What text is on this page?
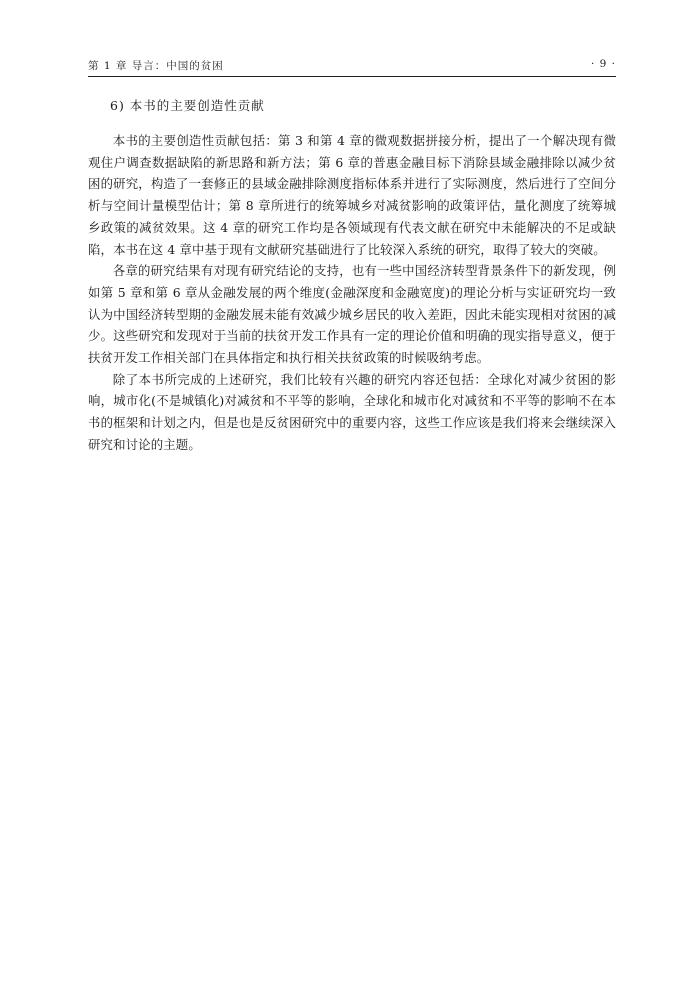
第 1 章 导言：中国的贫困	· 9 ·
6) 本书的主要创造性贡献

本书的主要创造性贡献包括：第 3 和第 4 章的微观数据拼接分析，提出了一个解决现有微观住户调查数据缺陷的新思路和新方法；第 6 章的普惠金融目标下消除县域金融排除以减少贫困的研究，构造了一套修正的县域金融排除测度指标体系并进行了实际测度，然后进行了空间分析与空间计量模型估计；第 8 章所进行的统筹城乡对减贫影响的政策评估，量化测度了统筹城乡政策的减贫效果。这 4 章的研究工作均是各领域现有代表文献在研究中未能解决的不足或缺陷，本书在这 4 章中基于现有文献研究基础进行了比较深入系统的研究，取得了较大的突破。

各章的研究结果有对现有研究结论的支持，也有一些中国经济转型背景条件下的新发现，例如第 5 章和第 6 章从金融发展的两个维度(金融深度和金融宽度)的理论分析与实证研究均一致认为中国经济转型期的金融发展未能有效减少城乡居民的收入差距，因此未能实现相对贫困的减少。这些研究和发现对于当前的扶贫开发工作具有一定的理论价值和明确的现实指导意义，便于扶贫开发工作相关部门在具体指定和执行相关扶贫政策的时候吸纳考虑。

除了本书所完成的上述研究，我们比较有兴趣的研究内容还包括：全球化对减少贫困的影响，城市化(不是城镇化)对减贫和不平等的影响，全球化和城市化对减贫和不平等的影响不在本书的框架和计划之内，但是也是反贫困研究中的重要内容，这些工作应该是我们将来会继续深入研究和讨论的主题。
